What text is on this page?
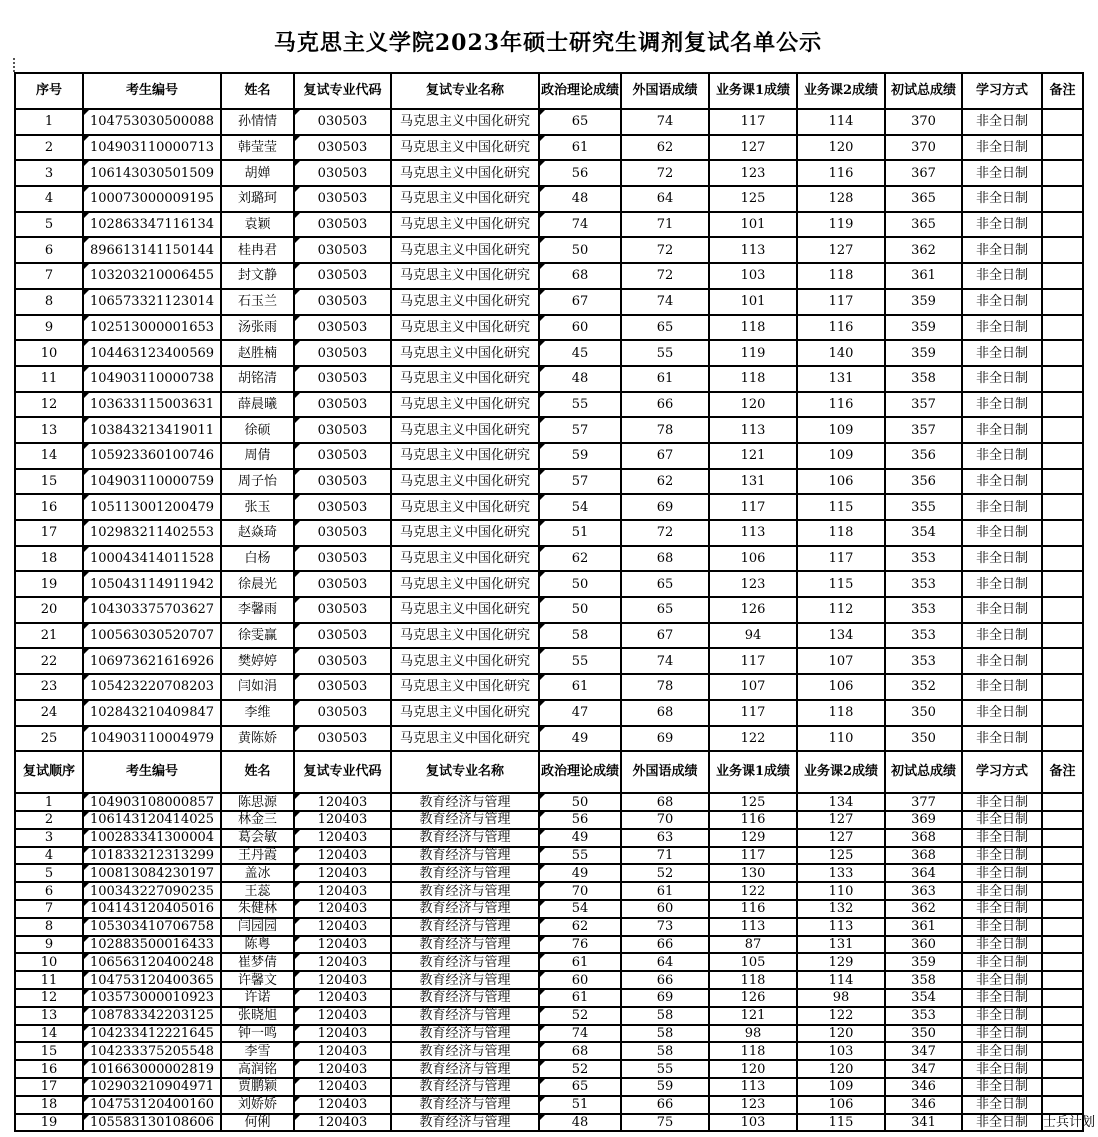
马克思主义学院2023年硕士研究生调剂复试名单公示
序号	考生编号	姓名	复试专业代码	复试专业名称	政治理论成绩	外国语成绩	业务课1成绩	业务课2成绩	初试总成绩	学习方式	备注
1	104753030500088	孙情情	030503	马克思主义中国化研究	65	74	117	114	370	非全日制	
2	104903110000713	韩莹莹	030503	马克思主义中国化研究	61	62	127	120	370	非全日制	
3	106143030501509	胡婵	030503	马克思主义中国化研究	56	72	123	116	367	非全日制	
4	100073000009195	刘璐珂	030503	马克思主义中国化研究	48	64	125	128	365	非全日制	
5	102863347116134	袁颖	030503	马克思主义中国化研究	74	71	101	119	365	非全日制	
6	896613141150144	桂冉君	030503	马克思主义中国化研究	50	72	113	127	362	非全日制	
7	103203210006455	封文静	030503	马克思主义中国化研究	68	72	103	118	361	非全日制	
8	106573321123014	石玉兰	030503	马克思主义中国化研究	67	74	101	117	359	非全日制	
9	102513000001653	汤张雨	030503	马克思主义中国化研究	60	65	118	116	359	非全日制	
10	104463123400569	赵胜楠	030503	马克思主义中国化研究	45	55	119	140	359	非全日制	
11	104903110000738	胡铭清	030503	马克思主义中国化研究	48	61	118	131	358	非全日制	
12	103633115003631	薛晨曦	030503	马克思主义中国化研究	55	66	120	116	357	非全日制	
13	103843213419011	徐硕	030503	马克思主义中国化研究	57	78	113	109	357	非全日制	
14	105923360100746	周倩	030503	马克思主义中国化研究	59	67	121	109	356	非全日制	
15	104903110000759	周子怡	030503	马克思主义中国化研究	57	62	131	106	356	非全日制	
16	105113001200479	张玉	030503	马克思主义中国化研究	54	69	117	115	355	非全日制	
17	102983211402553	赵焱琦	030503	马克思主义中国化研究	51	72	113	118	354	非全日制	
18	100043414011528	白杨	030503	马克思主义中国化研究	62	68	106	117	353	非全日制	
19	105043114911942	徐晨光	030503	马克思主义中国化研究	50	65	123	115	353	非全日制	
20	104303375703627	李馨雨	030503	马克思主义中国化研究	50	65	126	112	353	非全日制	
21	100563030520707	徐雯赢	030503	马克思主义中国化研究	58	67	94	134	353	非全日制	
22	106973621616926	樊婷婷	030503	马克思主义中国化研究	55	74	117	107	353	非全日制	
23	105423220708203	闫如涓	030503	马克思主义中国化研究	61	78	107	106	352	非全日制	
24	102843210409847	李维	030503	马克思主义中国化研究	47	68	117	118	350	非全日制	
25	104903110004979	黄陈娇	030503	马克思主义中国化研究	49	69	122	110	350	非全日制	
复试顺序	考生编号	姓名	复试专业代码	复试专业名称	政治理论成绩	外国语成绩	业务课1成绩	业务课2成绩	初试总成绩	学习方式	备注
1	104903108000857	陈思源	120403	教育经济与管理	50	68	125	134	377	非全日制	
2	106143120414025	林金三	120403	教育经济与管理	56	70	116	127	369	非全日制	
3	100283341300004	葛会敏	120403	教育经济与管理	49	63	129	127	368	非全日制	
4	101833212313299	王丹霞	120403	教育经济与管理	55	71	117	125	368	非全日制	
5	100813084230197	盖冰	120403	教育经济与管理	49	52	130	133	364	非全日制	
6	100343227090235	王蕊	120403	教育经济与管理	70	61	122	110	363	非全日制	
7	104143120405016	朱健林	120403	教育经济与管理	54	60	116	132	362	非全日制	
8	105303410706758	闫园园	120403	教育经济与管理	62	73	113	113	361	非全日制	
9	102883500016433	陈粤	120403	教育经济与管理	76	66	87	131	360	非全日制	
10	106563120400248	崔梦倩	120403	教育经济与管理	61	64	105	129	359	非全日制	
11	104753120400365	许馨文	120403	教育经济与管理	60	66	118	114	358	非全日制	
12	103573000010923	许诺	120403	教育经济与管理	61	69	126	98	354	非全日制	
13	108783342203125	张晓旭	120403	教育经济与管理	52	58	121	122	353	非全日制	
14	104233412221645	钟一鸣	120403	教育经济与管理	74	58	98	120	350	非全日制	
15	104233375205548	李雪	120403	教育经济与管理	68	58	118	103	347	非全日制	
16	101663000002819	高润铭	120403	教育经济与管理	52	55	120	120	347	非全日制	
17	102903210904971	贾鹏颖	120403	教育经济与管理	65	59	113	109	346	非全日制	
18	104753120400160	刘娇娇	120403	教育经济与管理	51	66	123	106	346	非全日制	
19	105583130108606	何俐	120403	教育经济与管理	48	75	103	115	341	非全日制	士兵计划
